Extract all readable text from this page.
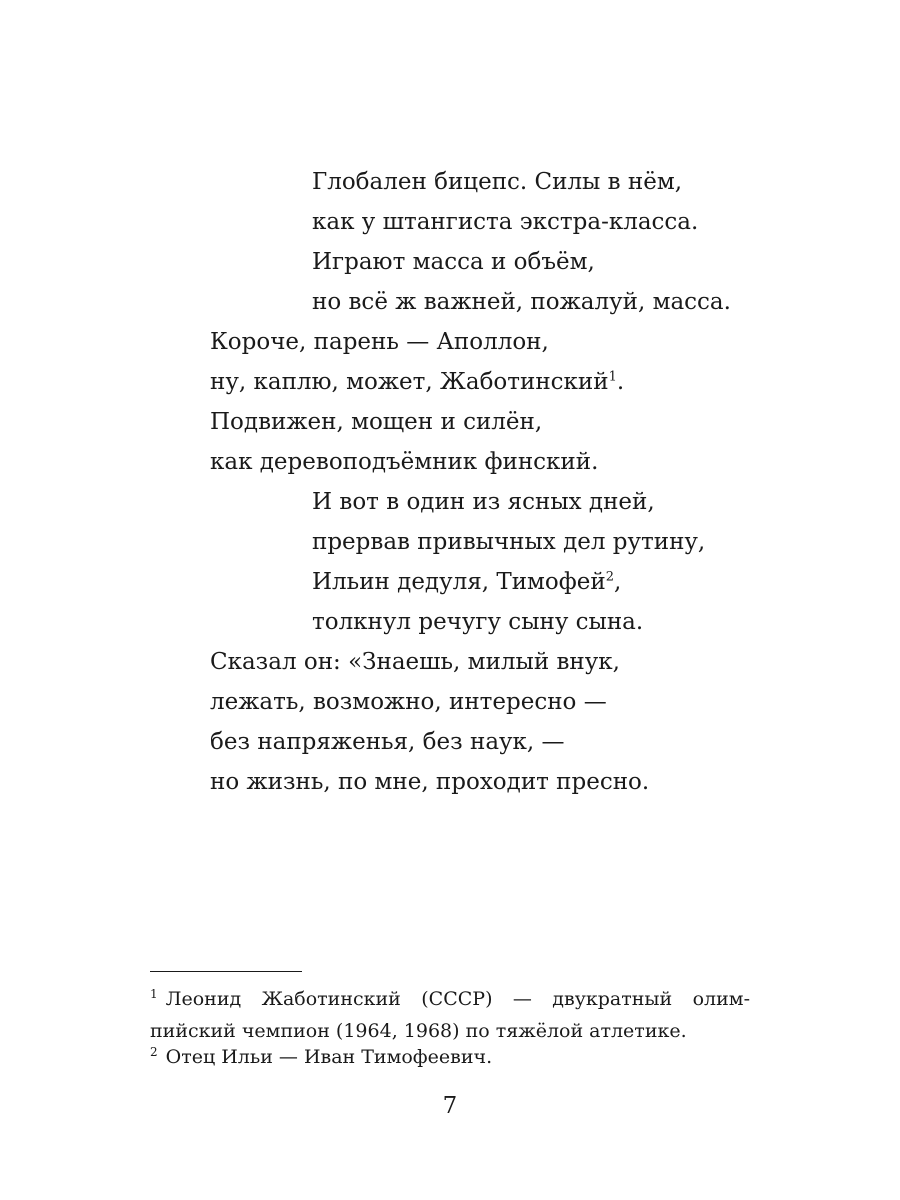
Глобален бицепс. Силы в нём,
как у штангиста экстра-класса.
Играют масса и объём,
но всё ж важней, пожалуй, масса.
Короче, парень — Аполлон,
ну, каплю, может, Жаботинский$^1$.
Подвижен, мощен и силён,
как деревоподъёмник финский.
И вот в один из ясных дней,
прервав привычных дел рутину,
Ильин дедуля, Тимофей$^2$,
толкнул речугу сыну сына.
Сказал он: «Знаешь, милый внук,
лежать, возможно, интересно —
без напряженья, без наук, —
но жизнь, по мне, проходит пресно.
$^1$ Леонид Жаботинский (СССР) — двукратный олим-
пийский чемпион (1964, 1968) по тяжёлой атлетике.
$^2$ Отец Ильи — Иван Тимофеевич.
7
